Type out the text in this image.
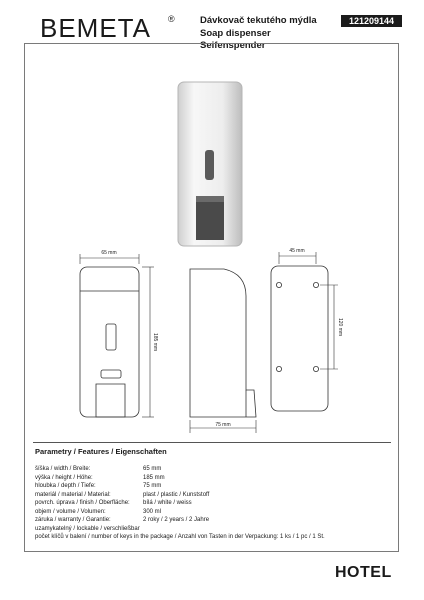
BEMETA ®	Dávkovač tekutého mýdla
Soap dispenser
Seifenspender
121209144
65 mm
185 mm
75 mm
45 mm
120 mm
Parametry / Features / Eigenschaften
šíška / width / Breite:	65 mm
výška / height / Höhe:	185 mm
hloubka / depth / Tiefe:	75 mm
materiál / material / Material:	plast / plastic / Kunststoff
povrch. úprava / finish / Oberfläche:	bílá / white / weiss
objem / volume / Volumen:	300 ml
záruka / warranty / Garantie:	2 roky / 2 years / 2 Jahre
uzamykatelný / lockable / verschließbar
počet klíčů v balení / number of keys in the package / Anzahl von Tasten in der Verpackung: 1 ks / 1 pc / 1 St.
HOTEL
